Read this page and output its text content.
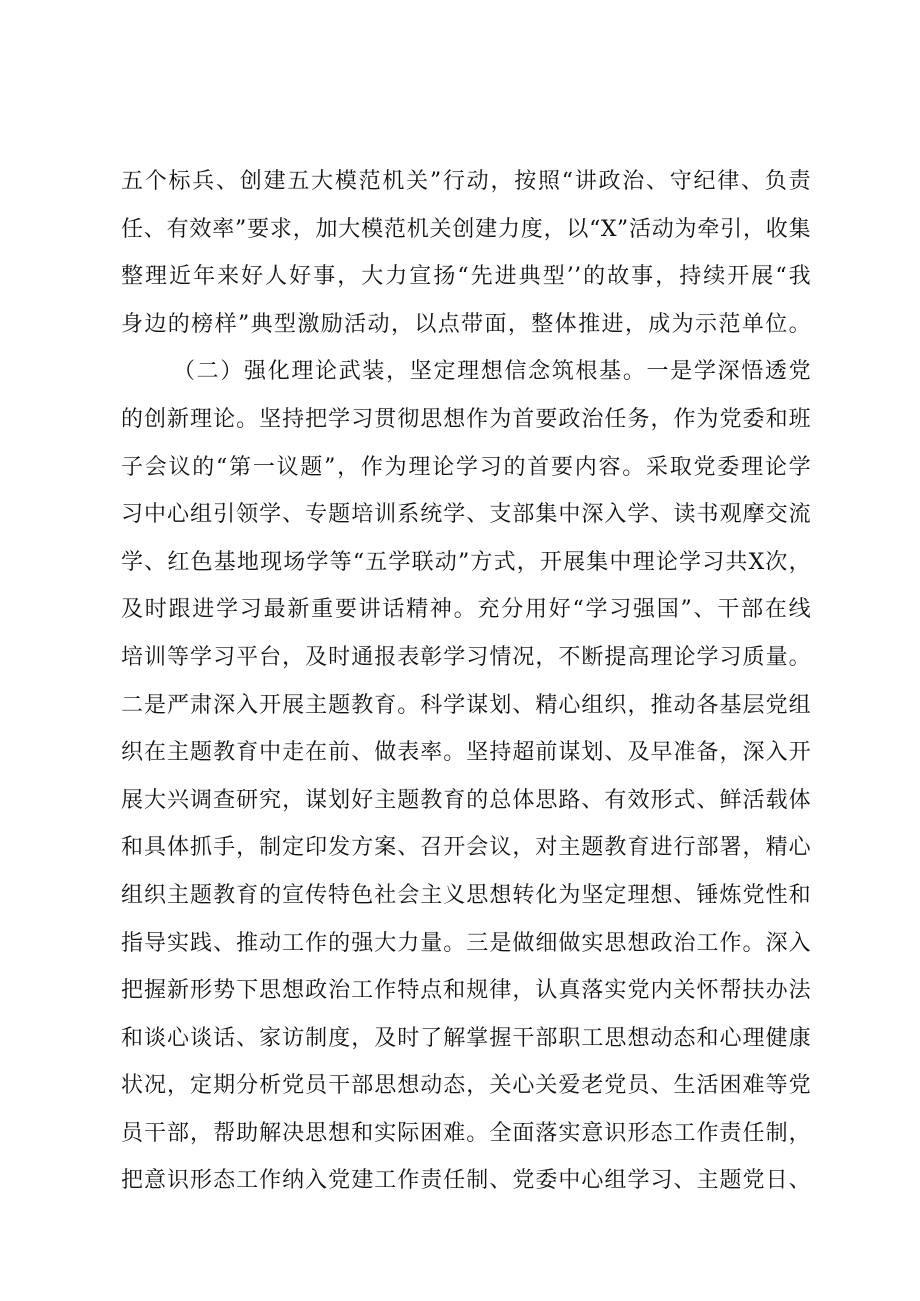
五个标兵、创建五大模范机关”行动，按照“讲政治、守纪律、负责
任、有效率”要求，加大模范机关创建力度，以“X”活动为牵引，收集
整理近年来好人好事，大力宣扬“先进典型’’的故事，持续开展“我
身边的榜样”典型激励活动，以点带面，整体推进，成为示范单位。
（二）强化理论武装，坚定理想信念筑根基。一是学深悟透党
的创新理论。坚持把学习贯彻思想作为首要政治任务，作为党委和班
子会议的“第一议题”，作为理论学习的首要内容。采取党委理论学
习中心组引领学、专题培训系统学、支部集中深入学、读书观摩交流
学、红色基地现场学等“五学联动”方式，开展集中理论学习共X次，
及时跟进学习最新重要讲话精神。充分用好“学习强国”、干部在线
培训等学习平台，及时通报表彰学习情况，不断提高理论学习质量。
二是严肃深入开展主题教育。科学谋划、精心组织，推动各基层党组
织在主题教育中走在前、做表率。坚持超前谋划、及早准备，深入开
展大兴调查研究，谋划好主题教育的总体思路、有效形式、鲜活载体
和具体抓手，制定印发方案、召开会议，对主题教育进行部署，精心
组织主题教育的宣传特色社会主义思想转化为坚定理想、锤炼党性和
指导实践、推动工作的强大力量。三是做细做实思想政治工作。深入
把握新形势下思想政治工作特点和规律，认真落实党内关怀帮扶办法
和谈心谈话、家访制度，及时了解掌握干部职工思想动态和心理健康
状况，定期分析党员干部思想动态，关心关爱老党员、生活困难等党
员干部，帮助解决思想和实际困难。全面落实意识形态工作责任制，
把意识形态工作纳入党建工作责任制、党委中心组学习、主题党日、
